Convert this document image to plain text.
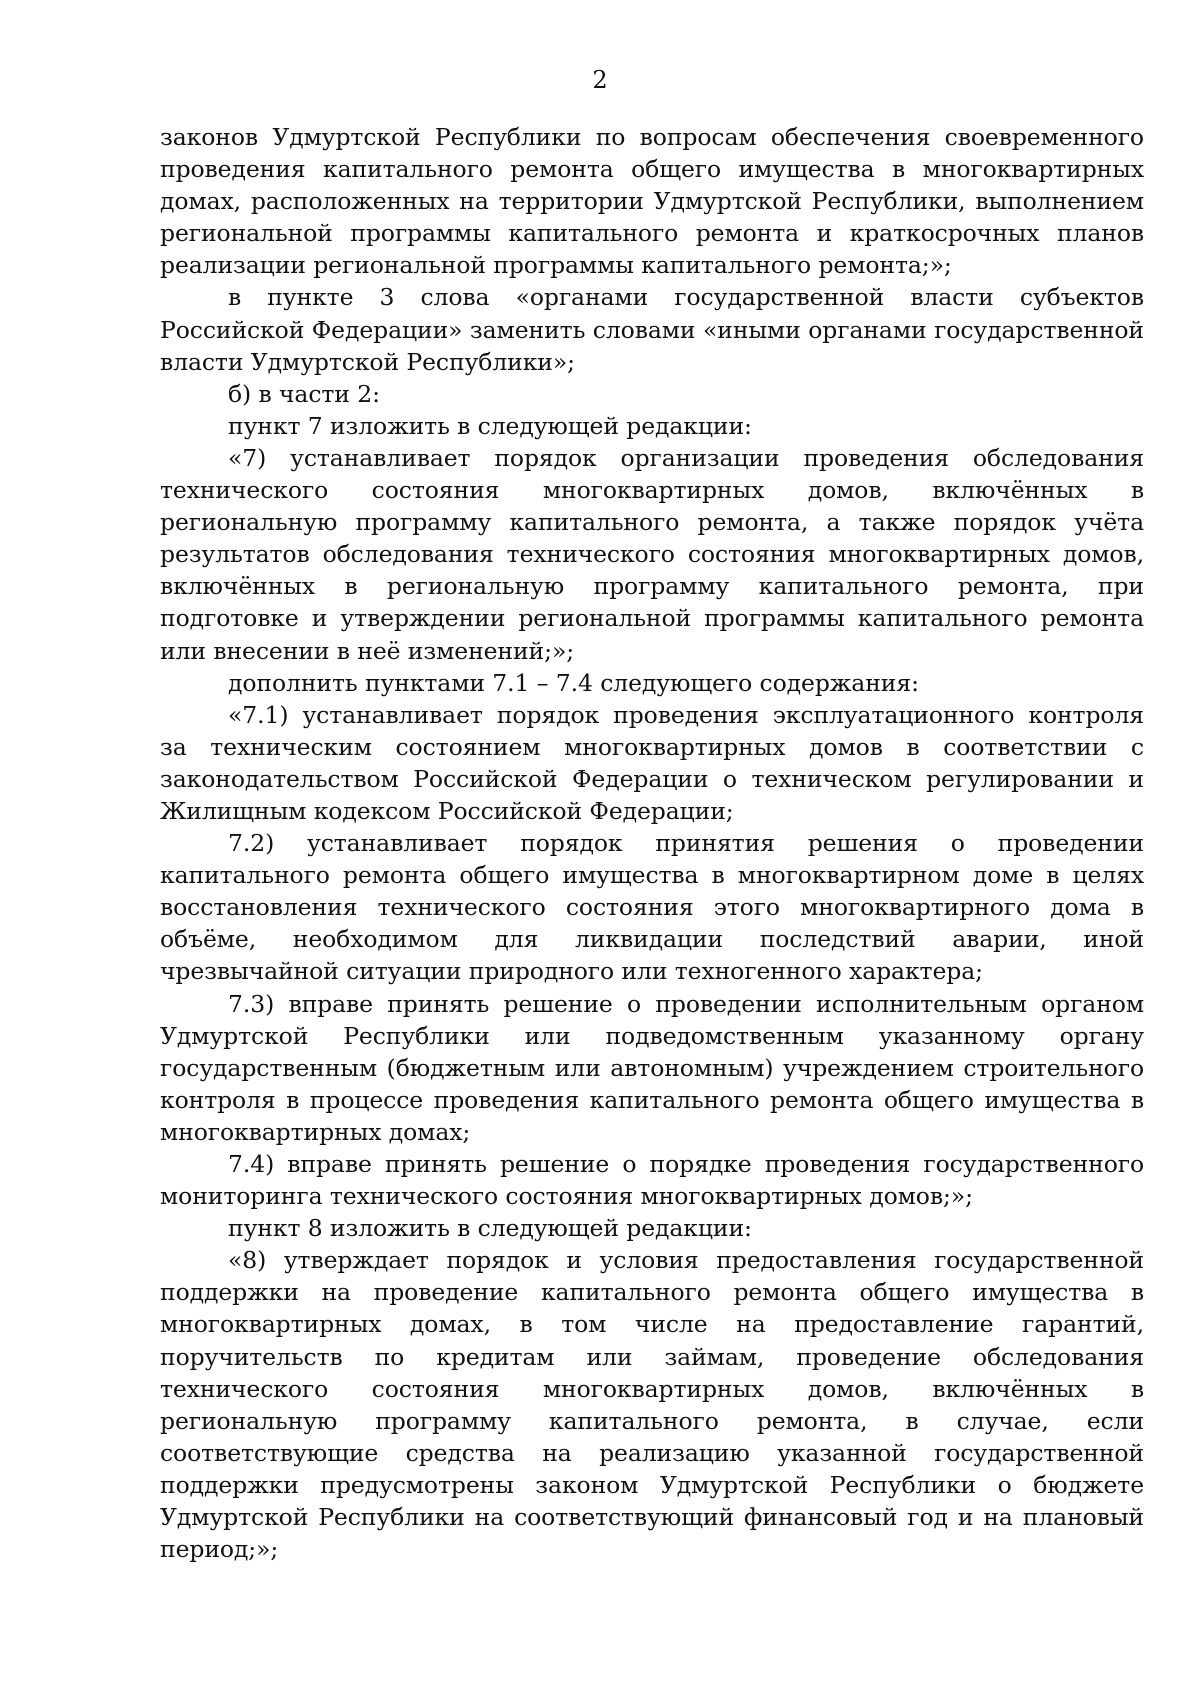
2

законов Удмуртской Республики по вопросам обеспечения своевременного проведения капитального ремонта общего имущества в многоквартирных домах, расположенных на территории Удмуртской Республики, выполнением региональной программы капитального ремонта и краткосрочных планов реализации региональной программы капитального ремонта;»;

в пункте 3 слова «органами государственной власти субъектов Российской Федерации» заменить словами «иными органами государственной власти Удмуртской Республики»;

б) в части 2:

пункт 7 изложить в следующей редакции:

«7) устанавливает порядок организации проведения обследования технического состояния многоквартирных домов, включённых в региональную программу капитального ремонта, а также порядок учёта результатов обследования технического состояния многоквартирных домов, включённых в региональную программу капитального ремонта, при подготовке и утверждении региональной программы капитального ремонта или внесении в неё изменений;»;

дополнить пунктами 7.1 – 7.4 следующего содержания:

«7.1) устанавливает порядок проведения эксплуатационного контроля за техническим состоянием многоквартирных домов в соответствии с законодательством Российской Федерации о техническом регулировании и Жилищным кодексом Российской Федерации;

7.2) устанавливает порядок принятия решения о проведении капитального ремонта общего имущества в многоквартирном доме в целях восстановления технического состояния этого многоквартирного дома в объёме, необходимом для ликвидации последствий аварии, иной чрезвычайной ситуации природного или техногенного характера;

7.3) вправе принять решение о проведении исполнительным органом Удмуртской Республики или подведомственным указанному органу государственным (бюджетным или автономным) учреждением строительного контроля в процессе проведения капитального ремонта общего имущества в многоквартирных домах;

7.4) вправе принять решение о порядке проведения государственного мониторинга технического состояния многоквартирных домов;»;

пункт 8 изложить в следующей редакции:

«8) утверждает порядок и условия предоставления государственной поддержки на проведение капитального ремонта общего имущества в многоквартирных домах, в том числе на предоставление гарантий, поручительств по кредитам или займам, проведение обследования технического состояния многоквартирных домов, включённых в региональную программу капитального ремонта, в случае, если соответствующие средства на реализацию указанной государственной поддержки предусмотрены законом Удмуртской Республики о бюджете Удмуртской Республики на соответствующий финансовый год и на плановый период;»;
